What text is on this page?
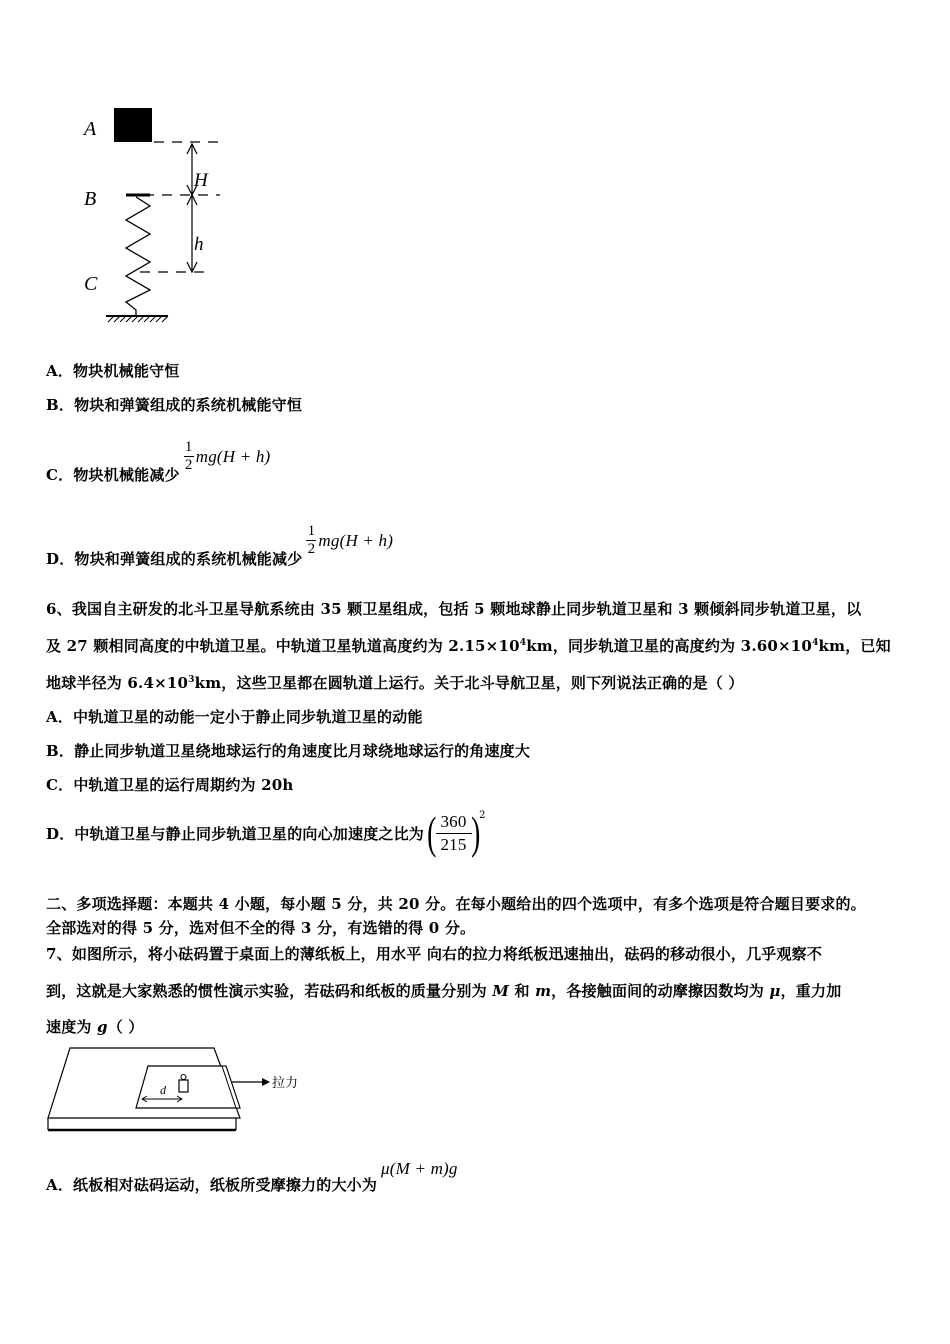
A
B
C
H
h
A．物块机械能守恒
B．物块和弹簧组成的系统机械能守恒
C．物块机械能减少
$\frac{1}{2} mg(H + h)$
D．物块和弹簧组成的系统机械能减少
$\frac{1}{2} mg(H + h)$
6、我国自主研发的北斗卫星导航系统由 35 颗卫星组成，包括 5 颗地球静止同步轨道卫星和 3 颗倾斜同步轨道卫星，以
及 27 颗相同高度的中轨道卫星。中轨道卫星轨道高度约为 $2.15\times 10^4km$，同步轨道卫星的高度约为 $3.60\times 10^4km$，已知
地球半径为 $6.4\times 10^3km$，这些卫星都在圆轨道上运行。关于北斗导航卫星，则下列说法正确的是（ ）
A．中轨道卫星的动能一定小于静止同步轨道卫星的动能
B．静止同步轨道卫星绕地球运行的角速度比月球绕地球运行的角速度大
C．中轨道卫星的运行周期约为 20h
D．中轨道卫星与静止同步轨道卫星的向心加速度之比为 ( 360
215 ) 2
二、多项选择题：本题共 4 小题，每小题 5 分，共 20 分。在每小题给出的四个选项中，有多个选项是符合题目要求的。
全部选对的得 5 分，选对但不全的得 3 分，有选错的得 0 分。
7、如图所示，将小砝码置于桌面上的薄纸板上，用水平 向右的拉力将纸板迅速抽出，砝码的移动很小，几乎观察不
到，这就是大家熟悉的惯性演示实验，若砝码和纸板的质量分别为 M 和 m，各接触面间的动摩擦因数均为 μ，重力加
速度为 g（ ）
d	拉力
A．纸板相对砝码运动，纸板所受摩擦力的大小为
μ(M + m)g
